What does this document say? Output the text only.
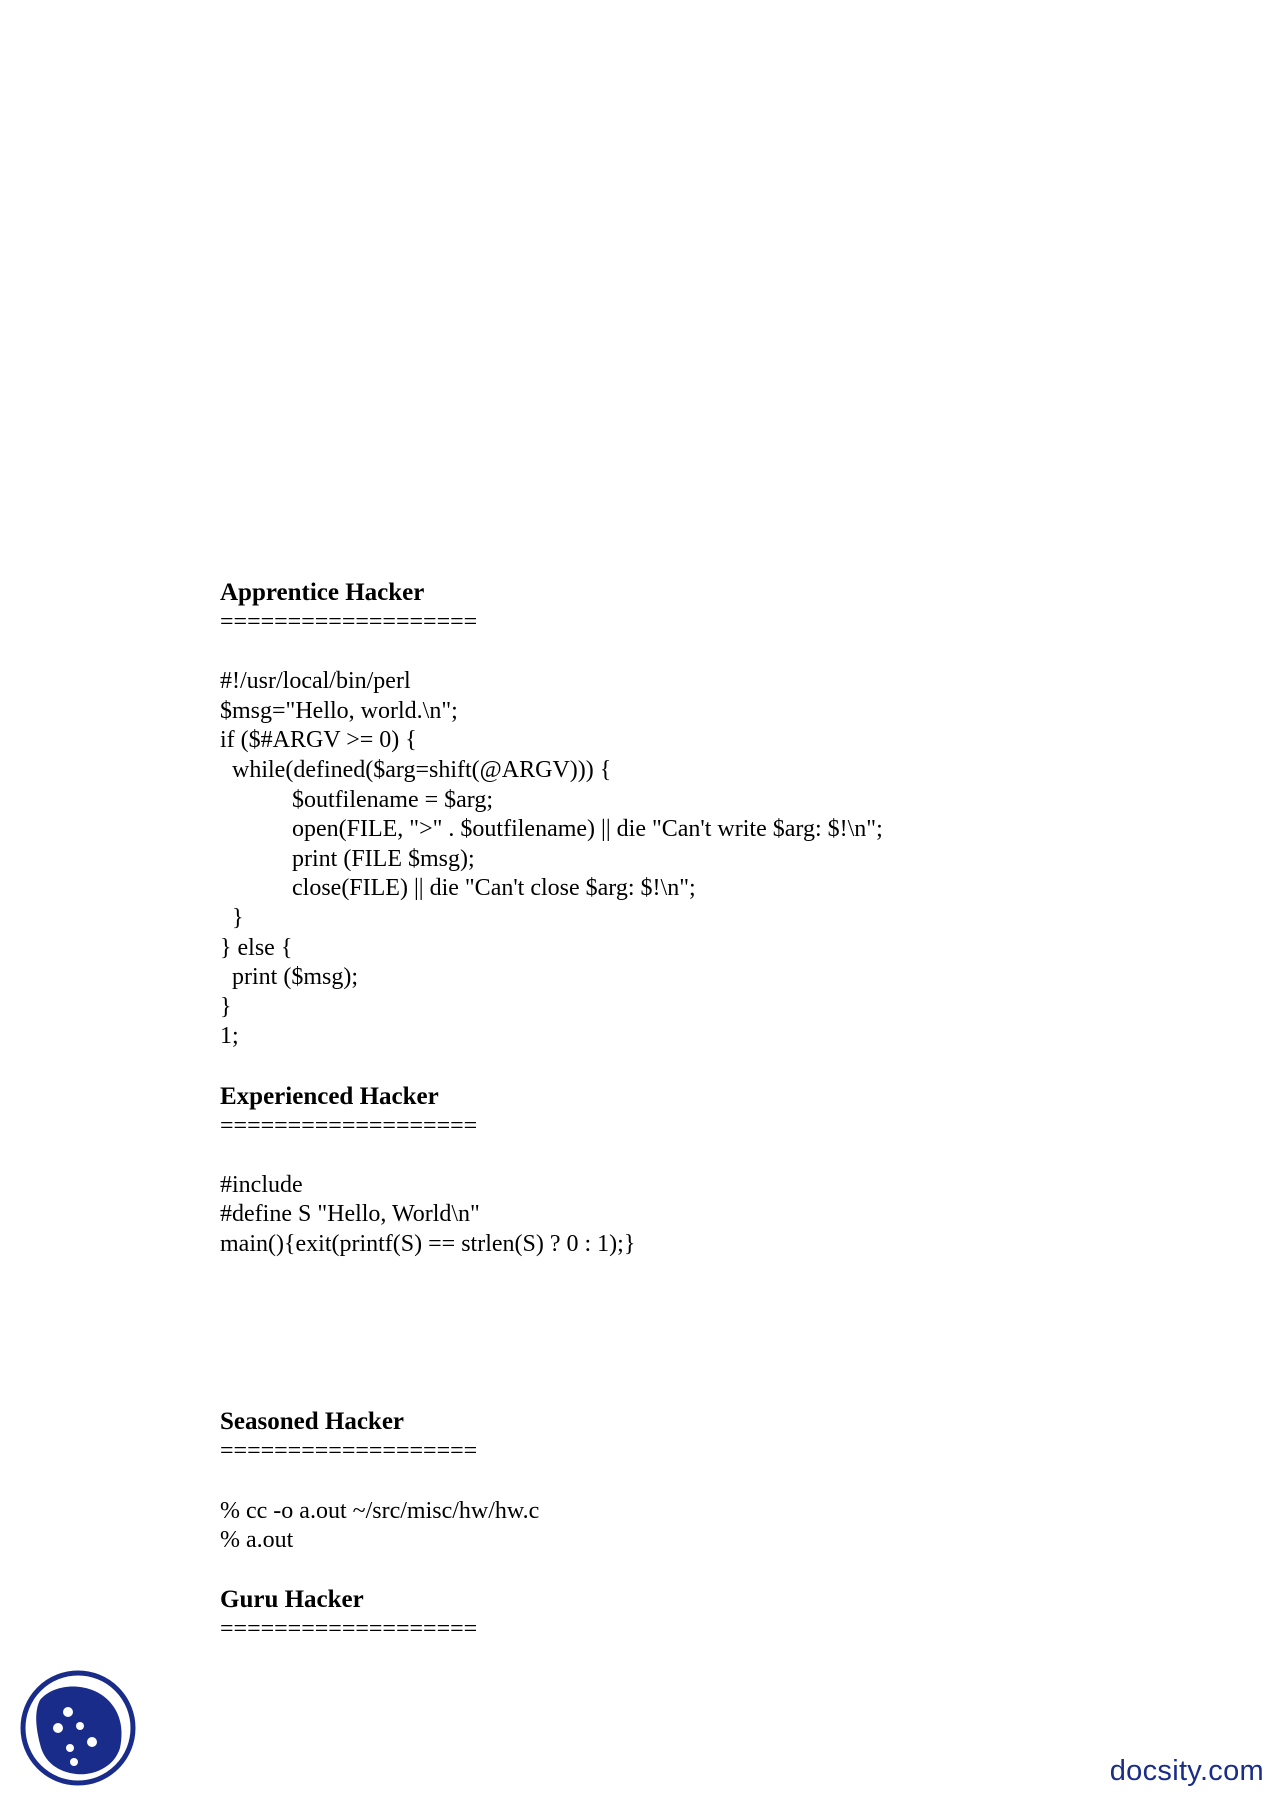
Apprentice Hacker

===================

#!/usr/local/bin/perl

$msg="Hello, world.\n";

if ($#ARGV >= 0) {

while(defined($arg=shift(@ARGV))) {

$outfilename = $arg;

open(FILE, ">" . $outfilename) || die "Can't write $arg: $!\n";

print (FILE $msg);

close(FILE) || die "Can't close $arg: $!\n";

}

} else {

print ($msg);

}

1;

Experienced Hacker

===================

#include

#define S "Hello, World\n"

main(){exit(printf(S) == strlen(S) ? 0 : 1);}

Seasoned Hacker

===================

% cc -o a.out ~/src/misc/hw/hw.c

% a.out

Guru Hacker

===================

docsity.com
